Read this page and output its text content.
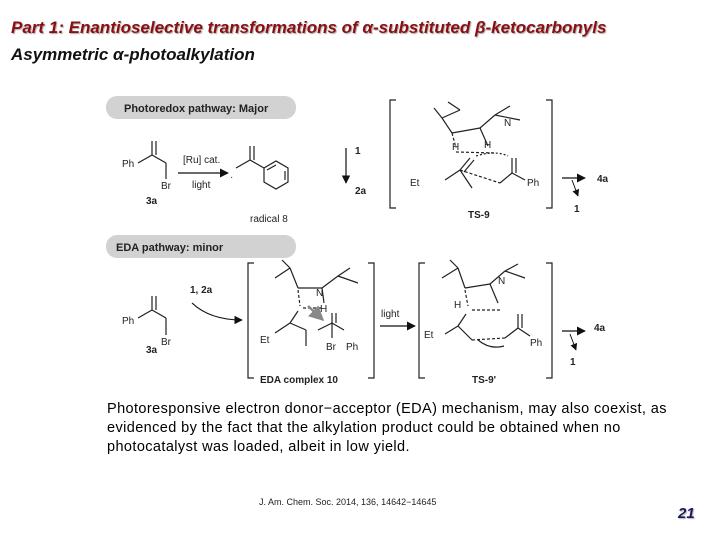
Part 1: Enantioselective transformations of α-substituted β-ketocarbonyls
Asymmetric α-photoalkylation
Photoredox pathway: Major
Ph
Br
3a
[Ru] cat.
light
·
radical 8
1
2a
H
N
H
Et	Ph
TS-9
4a
1
EDA pathway: minor
Ph
Br
3a
1, 2a	N
H
Et
Ph
Br
EDA complex 10
light
N
H
Et
Ph
TS-9'
4a
1
Photoresponsive electron donor−acceptor (EDA) mechanism, may also coexist, as evidenced by the fact that the alkylation product could be obtained when no photocatalyst was loaded, albeit in low yield.
J. Am. Chem. Soc. 2014, 136, 14642−14645
21
